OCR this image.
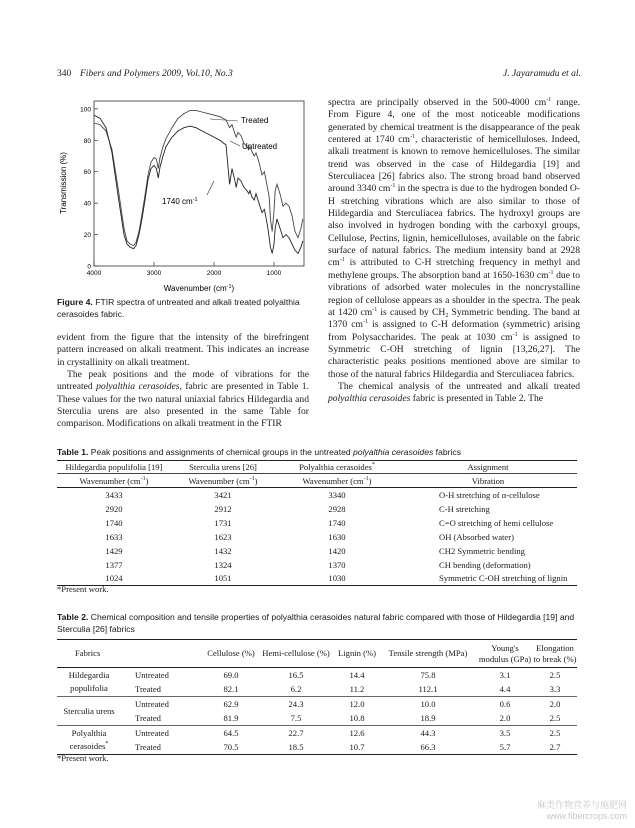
340 Fibers and Polymers 2009, Vol.10, No.3	J. Jayaramudu et al.
0
20
40
60
80
100
4000	3000	2000	1000
Transmission (%)
Wavenumber $(cm^{-1})$
Treated
Untreated
1740 $cm^{-1}$
Figure 4. FTIR spectra of untreated and alkali treated polyalthia cerasoides fabric.

evident from the figure that the intensity of the birefringent pattern increased on alkali treatment. This indicates an increase in crystallinity on alkali treatment.

The peak positions and the mode of vibrations for the untreated polyalthia cerasoides, fabric are presented in Table 1. These values for the two natural uniaxial fabrics Hildegardia and Sterculia urens are also presented in the same Table for comparison. Modifications on alkali treatment in the FTIR

spectra are principally observed in the 500-4000 $cm^{-1}$ range. From Figure 4, one of the most noticeable modifications generated by chemical treatment is the disappearance of the peak centered at 1740 $cm^{-1}$, characteristic of hemicelluloses. Indeed, alkali treatment is known to remove hemicelluloses. The similar trend was observed in the case of Hildegardia [19] and Sterculiacea [26] fabrics also. The strong broad band observed around 3340 $cm^{-1}$ in the spectra is due to the hydrogen bonded O-H stretching vibrations which are also similar to those of Hildegardia and Sterculiacea fabrics. The hydroxyl groups are also involved in hydrogen bonding with the carboxyl groups, Cellulose, Pectins, lignin, hemicelluloses, available on the fabric surface of natural fabrics. The medium intensity band at 2928 $cm^{-1}$ is attributed to C-H stretching frequency in methyl and methylene groups. The absorption band at 1650-1630 $cm^{-1}$ due to vibrations of adsorbed water molecules in the noncrystalline region of cellulose appears as a shoulder in the spectra. The peak at 1420 $cm^{-1}$ is caused by $CH_2$ Symmetric bending. The band at 1370 $cm^{-1}$ is assigned to C-H deformation (symmetric) arising from Polysaccharides. The peak at 1030 $cm^{-1}$ is assigned to Symmetric C-OH stretching of lignin [13,26,27]. The characteristic peaks positions mentioned above are similar to those of the natural fabrics Hildegardia and Sterculiacea fabrics.

The chemical analysis of the untreated and alkali treated polyalthia cerasoides fabric is presented in Table 2. The

Table 1. Peak positions and assignments of chemical groups in the untreated polyalthia cerasoides fabrics
Hildegardia populifolia [19]	Sterculia urens [26]	Polyalthia cerasoides*	Assignment
Wavenumber $(cm^{-1})$	Wavenumber $(cm^{-1})$	Wavenumber $(cm^{-1})$	Vibration
3433	3421	3340	O-H stretching of α-cellulose
2920	2912	2928	C-H stretching
1740	1731	1740	C=O stretching of hemi cellulose
1633	1623	1630	OH (Absorbed water)
1429	1432	1420	CH2 Symmetric bending
1377	1324	1370	CH bending (deformation)
1024	1051	1030	Symmetric C-OH stretching of lignin
*Present work.
Table 2. Chemical composition and tensile properties of polyalthia cerasoides natural fabric compared with those of Hildegardia [19] and Sterculia [26] fabrics
Fabrics		Cellulose (%)	Hemi-cellulose (%)	Lignin (%)	Tensile strength (MPa)	Young's modulus (GPa)	Elongation to break (%)
Hildegardia populifolia	Untreated	69.0	16.5	14.4	75.8	3.1	2.5
	Treated	82.1	6.2	11.2	112.1	4.4	3.3
Sterculia urens	Untreated	62.9	24.3	12.0	10.0	0.6	2.0
	Treated	81.9	7.5	10.8	18.9	2.0	2.5
Polyalthia cerasoides*	Untreated	64.5	22.7	12.6	44.3	3.5	2.5
	Treated	70.5	18.5	10.7	66.3	5.7	2.7
*Present work.
麻类作物营养与施肥网
www.fibercrops.com
